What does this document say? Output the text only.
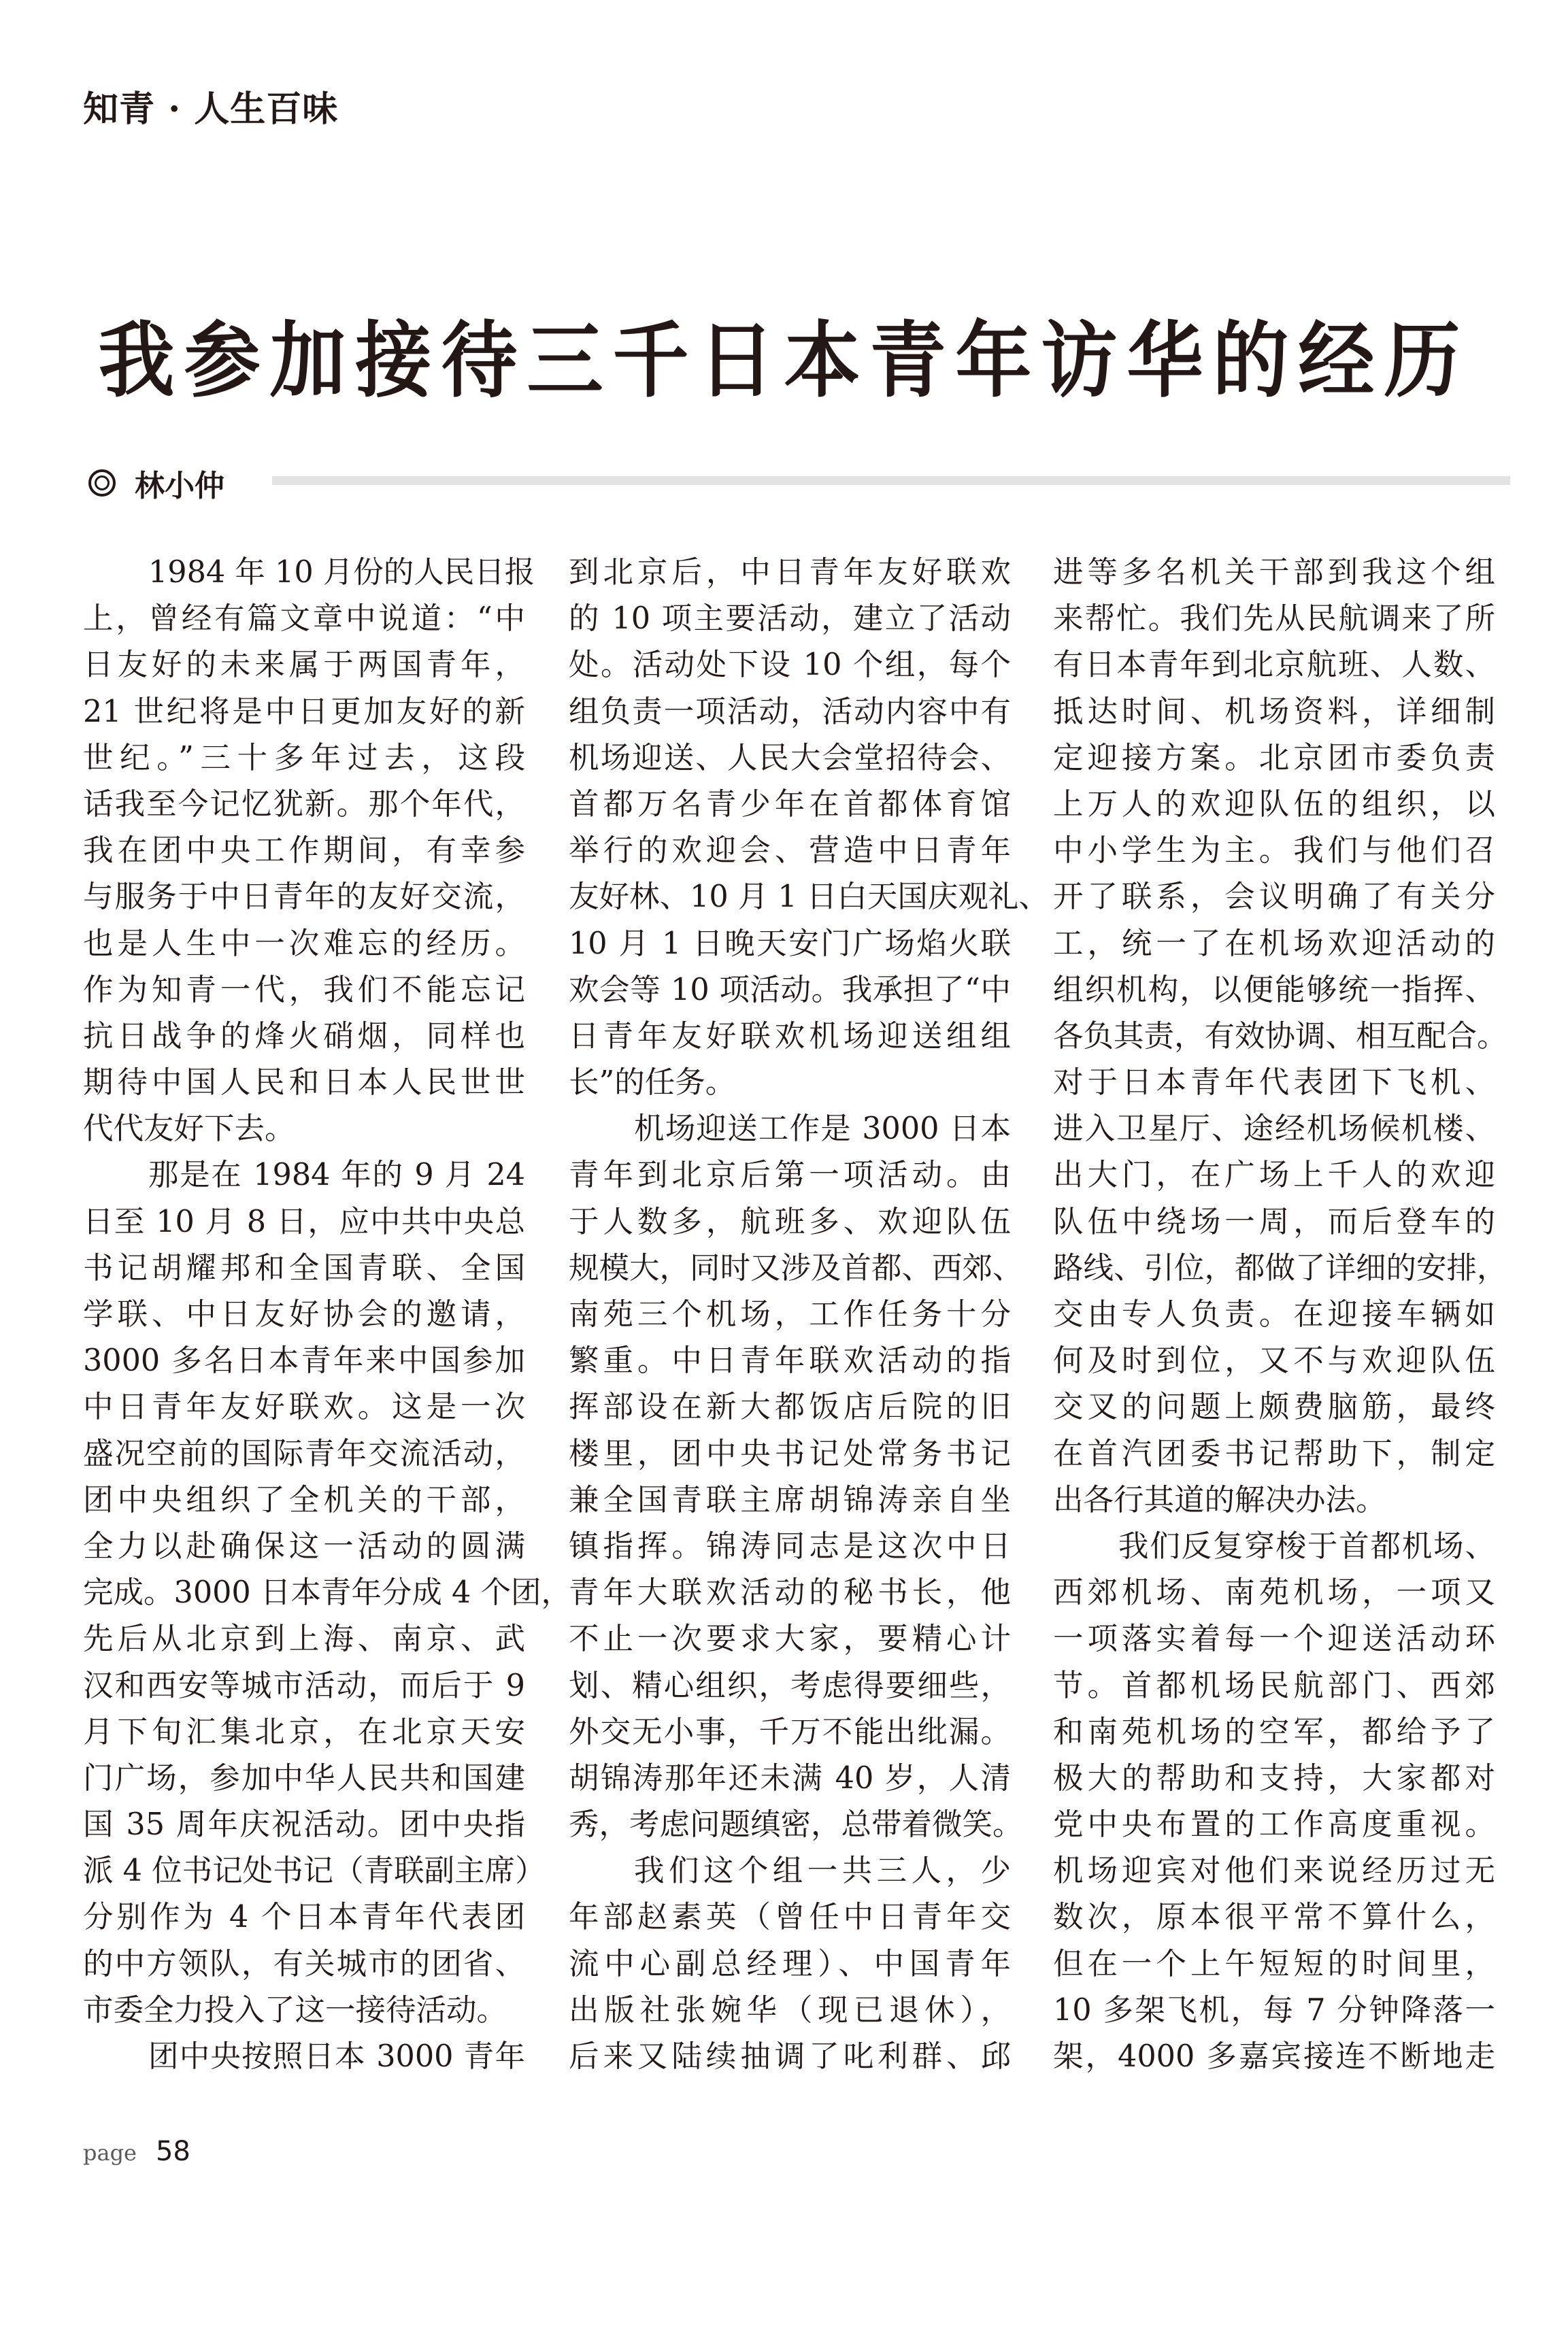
知青 · 人生百味
我参加接待三千日本青年访华的经历
林小仲
1984 年 10 月份的人民日报
上，曾经有篇文章中说道：“中
日友好的未来属于两国青年，
21 世纪将是中日更加友好的新
世纪。”三十多年过去，这段
话我至今记忆犹新。那个年代，
我在团中央工作期间，有幸参
与服务于中日青年的友好交流，
也是人生中一次难忘的经历。
作为知青一代，我们不能忘记
抗日战争的烽火硝烟，同样也
期待中国人民和日本人民世世
代代友好下去。
那是在 1984 年的 9 月 24
日至 10 月 8 日，应中共中央总
书记胡耀邦和全国青联、全国
学联、中日友好协会的邀请，
3000 多名日本青年来中国参加
中日青年友好联欢。这是一次
盛况空前的国际青年交流活动，
团中央组织了全机关的干部，
全力以赴确保这一活动的圆满
完成。3000 日本青年分成 4 个团，
先后从北京到上海、南京、武
汉和西安等城市活动，而后于 9
月下旬汇集北京，在北京天安
门广场，参加中华人民共和国建
国 35 周年庆祝活动。团中央指
派 4 位书记处书记（青联副主席）
分别作为 4 个日本青年代表团
的中方领队，有关城市的团省、
市委全力投入了这一接待活动。
团中央按照日本 3000 青年
到北京后，中日青年友好联欢
的 10 项主要活动，建立了活动
处。活动处下设 10 个组，每个
组负责一项活动，活动内容中有
机场迎送、人民大会堂招待会、
首都万名青少年在首都体育馆
举行的欢迎会、营造中日青年
友好林、10 月 1 日白天国庆观礼、
10 月 1 日晚天安门广场焰火联
欢会等 10 项活动。我承担了“中
日青年友好联欢机场迎送组组
长”的任务。
机场迎送工作是 3000 日本
青年到北京后第一项活动。由
于人数多，航班多、欢迎队伍
规模大，同时又涉及首都、西郊、
南苑三个机场，工作任务十分
繁重。中日青年联欢活动的指
挥部设在新大都饭店后院的旧
楼里，团中央书记处常务书记
兼全国青联主席胡锦涛亲自坐
镇指挥。锦涛同志是这次中日
青年大联欢活动的秘书长，他
不止一次要求大家，要精心计
划、精心组织，考虑得要细些，
外交无小事，千万不能出纰漏。
胡锦涛那年还未满 40 岁，人清
秀，考虑问题缜密，总带着微笑。
我们这个组一共三人，少
年部赵素英（曾任中日青年交
流中心副总经理）、中国青年
出版社张婉华（现已退休），
后来又陆续抽调了叱利群、邱
进等多名机关干部到我这个组
来帮忙。我们先从民航调来了所
有日本青年到北京航班、人数、
抵达时间、机场资料，详细制
定迎接方案。北京团市委负责
上万人的欢迎队伍的组织，以
中小学生为主。我们与他们召
开了联系，会议明确了有关分
工，统一了在机场欢迎活动的
组织机构，以便能够统一指挥、
各负其责，有效协调、相互配合。
对于日本青年代表团下飞机、
进入卫星厅、途经机场候机楼、
出大门，在广场上千人的欢迎
队伍中绕场一周，而后登车的
路线、引位，都做了详细的安排，
交由专人负责。在迎接车辆如
何及时到位，又不与欢迎队伍
交叉的问题上颇费脑筋，最终
在首汽团委书记帮助下，制定
出各行其道的解决办法。
我们反复穿梭于首都机场、
西郊机场、南苑机场，一项又
一项落实着每一个迎送活动环
节。首都机场民航部门、西郊
和南苑机场的空军，都给予了
极大的帮助和支持，大家都对
党中央布置的工作高度重视。
机场迎宾对他们来说经历过无
数次，原本很平常不算什么，
但在一个上午短短的时间里，
10 多架飞机，每 7 分钟降落一
架，4000 多嘉宾接连不断地走
page 58
